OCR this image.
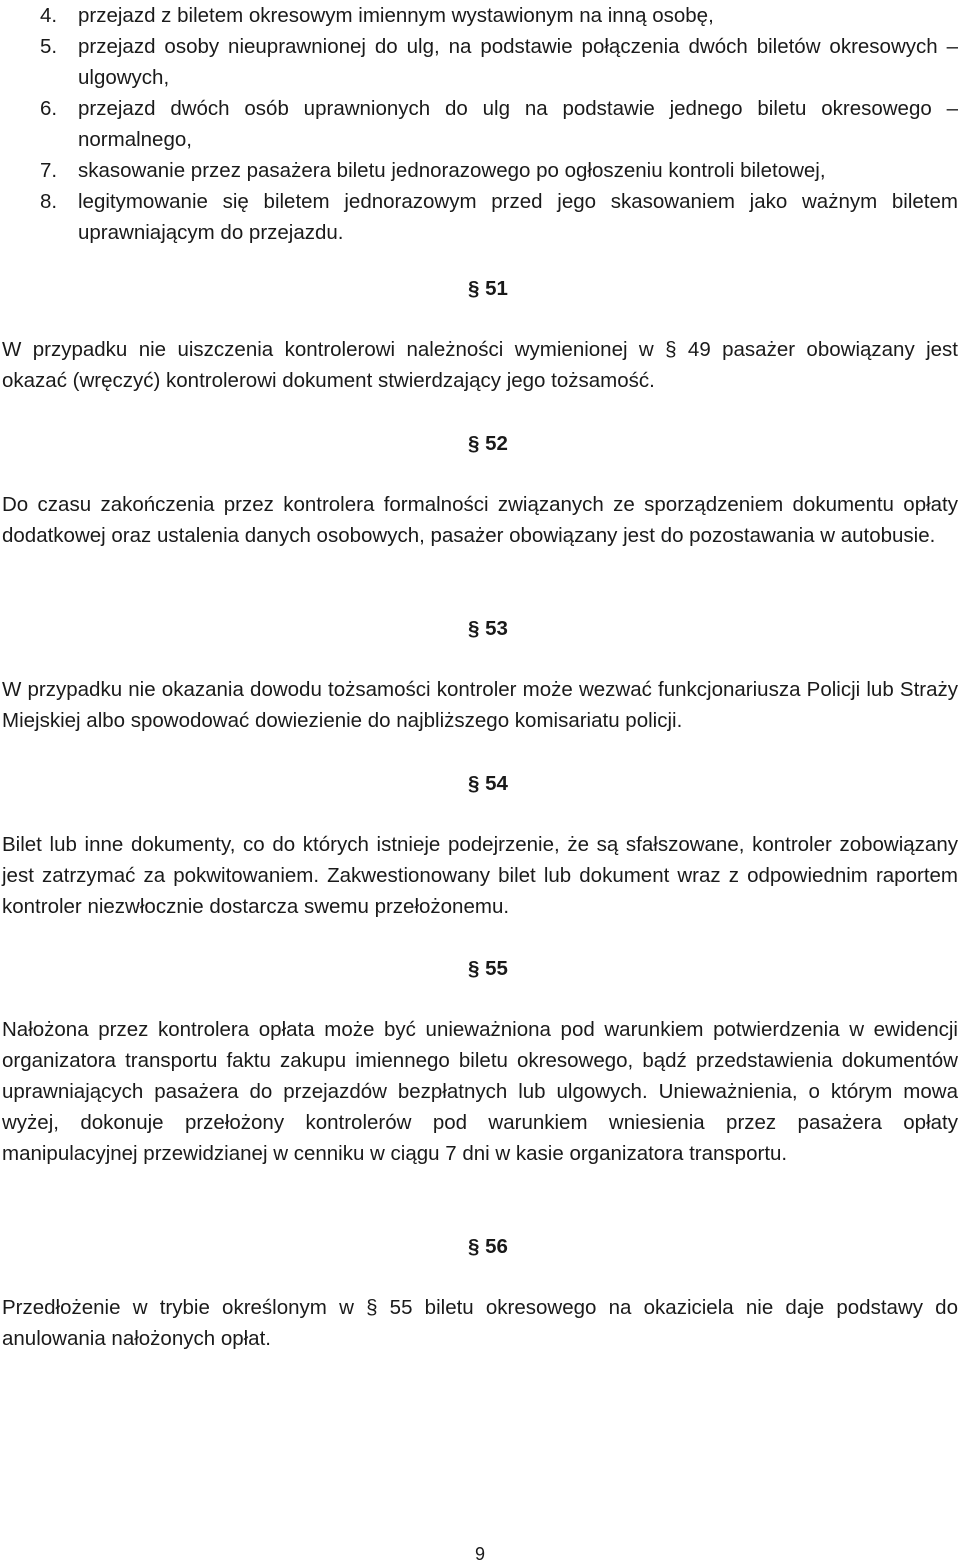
4. przejazd z biletem okresowym imiennym wystawionym na inną osobę,
5. przejazd osoby nieuprawnionej do ulg, na podstawie połączenia dwóch biletów okresowych – ulgowych,
6. przejazd dwóch osób uprawnionych do ulg na podstawie jednego biletu okresowego – normalnego,
7. skasowanie przez pasażera biletu jednorazowego po ogłoszeniu kontroli biletowej,
8. legitymowanie się biletem jednorazowym przed jego skasowaniem jako ważnym biletem uprawniającym do przejazdu.
§ 51

W przypadku nie uiszczenia kontrolerowi należności wymienionej w § 49 pasażer obowiązany jest okazać (wręczyć) kontrolerowi dokument stwierdzający jego tożsamość.

§ 52

Do czasu zakończenia przez kontrolera formalności związanych ze sporządzeniem dokumentu opłaty dodatkowej oraz ustalenia danych osobowych, pasażer obowiązany jest do pozostawania w autobusie.

§ 53

W przypadku nie okazania dowodu tożsamości kontroler może wezwać funkcjonariusza Policji lub Straży Miejskiej albo spowodować dowiezienie do najbliższego komisariatu policji.

§ 54

Bilet lub inne dokumenty, co do których istnieje podejrzenie, że są sfałszowane, kontroler zobowiązany jest zatrzymać za pokwitowaniem. Zakwestionowany bilet lub dokument wraz z odpowiednim raportem kontroler niezwłocznie dostarcza swemu przełożonemu.

§ 55

Nałożona przez kontrolera opłata może być unieważniona pod warunkiem potwierdzenia w ewidencji organizatora transportu faktu zakupu imiennego biletu okresowego, bądź przedstawienia dokumentów uprawniających pasażera do przejazdów bezpłatnych lub ulgowych. Unieważnienia, o którym mowa wyżej, dokonuje przełożony kontrolerów pod warunkiem wniesienia przez pasażera opłaty manipulacyjnej przewidzianej w cenniku w ciągu 7 dni w kasie organizatora transportu.

§ 56

Przedłożenie w trybie określonym w § 55 biletu okresowego na okaziciela nie daje podstawy do anulowania nałożonych opłat.

9
